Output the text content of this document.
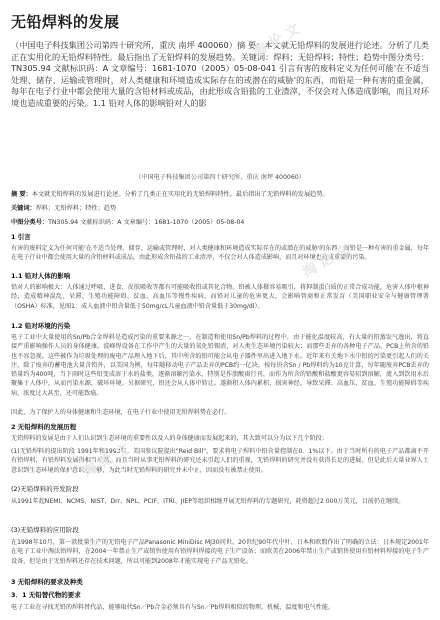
无铅焊料的发展
（中国电子科技集团公司第四十研究所，重庆 南坪 400060）摘 要：本文就无铅焊料的发展进行论述。分析了几类正在实用化的无铅焊料特性。最后指出了无铅焊料的发展趋势。关键词：焊料；无铅焊料；特性；趋势中图分类号：TN305.94 文献标识码：A 文章编号：1681-1070（2005）05-08-041 引言有害的废料定义为任何可能'在不适当处理、储存、运输或管理时，对人类健康和环境造成实际存在的或潜在的威胁'的东西，而铅是一种有害的重金属，每年在电子行业中都会使用大量的含铅材料或成品，由此形成含铅盐的工业渣滓，不仅会对人体造成影响，而且对环境也造成重要的污染。1.1 铅对人体的影响铅对人的影
（中国电子科技集团公司第四十研究所，重庆 南坪 400060）
摘 要：本文就无铅焊料的发展进行论述。分析了几类正在实用化的无铅焊料特性。最后指出了无铅焊料的发展趋势。
关键词：焊料；无铅焊料；特性；趋势
中图分类号：TN305.94 文献标识码：A 文章编号：1681-1070（2005）05-08-04
1 引言
有害的废料定义为任何可能'在不适当处理、储存、运输或管理时，对人类健康和环境造成实际存在的或潜在的威胁'的东西，而铅是一种有害的重金属，每年在电子行业中都会使用大量的含铅材料或成品，由此形成含铅盐的工业渣滓，不仅会对人体造成影响，而且对环境也造成重要的污染。
1.1 铅对人体的影响
铅对人的影响极大：人体通过呼吸、进食、皮肤吸收等都有可能吸收铅或其化合物。铅被人体摄容易吸引，将抑制蛋白质的正常合成功能，危害人体中枢神经，造成精神混乱、呆滞、生殖功能障碍、贫血、高血压等慢性疾病。而铅对儿童的危害更大，会影响智商和正常发育（美国职业安全与健康管理署（OSHA）标准，见图1：成人血液中铅含量低于50mg/cL儿童血液中铅含量低于30mg/dl）。
1.2 铅对环境的污染
电子工业中大量使用的Sn/Pb合金焊料是造成污染的重要来源之一。在制造和使用Sn/Pb焊料的过程中，由于能化温度较高，有大量的铅蒸发气逸出，将直接严重影响操作人员的身体健康。波峰焊设备在工作中产生的大量的氧化铅锡渣，对人类生态环境污染较大；而那些丢弃的各种电子产品、PCB上所含的铅也不容忽视。这些被作为垃圾处理的废电产品埋入地下后，其中所含的铅可能会从电子器件里出进入地下水。近年来有关地下水中铅的污染更引起人们的关注，除了废弃的蓄电池大量含铅外，以美国为例，每年随移动电子产品丢弃的PCB约一亿块，按每块含Sn / Pb焊料约为10克计算，每年随废弃PCB丢弃的铅量约为400吨，当下雨时这些铅变成溶于水的盐类，逐渐溶解污染水，特别是作溃酸雨行刊，而作为所含的铅酸和盐酸更容易招到溶解，流入到饮用水后聚集于人体中，从而污染水源，破坏环境。另据研究，铅还会从人体中转让。遂渐积人体内累积，损害神经，导致呆滞、高血压、贫血、生殖功能障碍等疾病，浓度过大甚至，还可能致癌。
因此，为了保护人的身体健康和生态环境，在电子行业中使用无铅焊料势在必行。
2 无铅焊料的发展历程
无铅焊料的发展是由于人们认识到生态环境的重要性以及人的身体健康而发展起来的，其大致可以分为以下几个阶段：
(1)无铅焊料的提出阶段 1991年和1993年，美国参议院提出"Reid Bill"，要求将电子焊料中铅含量控制在0．1%以下。由于当时所有的电子产品都离不开有铅焊料，有铅焊料发展得相当成熟，而且当时从事无铅焊料的研究还未引起人们的重视，无铅焊料的研究并没有获得长足的进展，但是此后大量业界人士意识到生态环境的保护意识还不够，为此当时无铅焊料的研究并未中止，因而没有被禁止使用。
(2)无铅焊料的开发阶段
从1991年起NEMI、NCMS、NIST、Drr、NPL、PCIF、ITRI、JIEP等组织相继开展无铅焊料的专题研究，耗资超过2 000万美元，目前仍在继续。
(3)无铅焊料的应用阶段
在1998年10月，第一款批量生产的无铅电子产品Panasonic MiniDisc MJ30问世。20世纪90年代中叶，日本和欧盟作出了明确的立法：日本规定2001年在电子工业中淘汰铅焊料，在2004一年禁止生产或销售使用有铅焊料焊接的电子生产设备；而欧美在2006年禁止生产或销售使用有铅材料焊接的电子生产设备，但是由于无铅焊料还存在技术问题，所以可能到2008年才能实现电子产品无铅化。
3 无铅焊料的要求及种类
3．1 无铅替代物的要求
电子工业在寻找无铅的焊料替代品，能够取代Sn／Pb合金必须具有与Sn／Pb焊料相似的物理、机械、温度和电气性能。
淘 论 文
淘 论 文
淘 论 文
